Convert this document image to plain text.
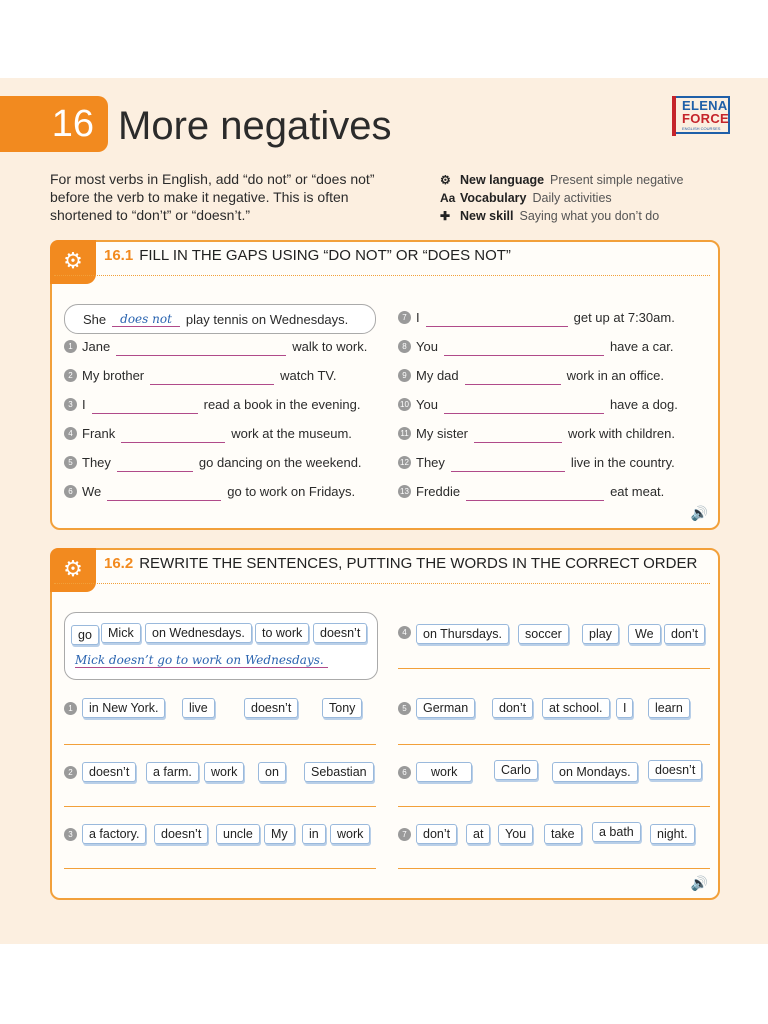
16 More negatives	ELENA
FORCE
ENGLISH COURSES
For most verbs in English, add “do not” or “does not” before the verb to make it negative. This is often shortened to “don’t” or “doesn’t.”
⚙ New language Present simple negative
Aa Vocabulary Daily activities
✚ New skill Saying what you don’t do
⚙	16.1 FILL IN THE GAPS USING “DO NOT” OR “DOES NOT”
She	does not	play tennis on Wednesdays.
1 Jane	walk to work.
2 My brother	watch TV.
3 I	read a book in the evening.
4 Frank	work at the museum.
5 They	go dancing on the weekend.
6 We	go to work on Fridays.
7 I	get up at 7:30am.
8 You	have a car.
9 My dad	work in an office.
10 You	have a dog.
11 My sister	work with children.
12 They	live in the country.
13 Freddie	eat meat.
🔊
⚙	16.2 REWRITE THE SENTENCES, PUTTING THE WORDS IN THE CORRECT ORDER
go	Mick	on Wednesdays.	to work	doesn’t
Mick doesn’t go to work on Wednesdays.
1	in New York.	live	doesn’t	Tony
2	doesn’t	a farm.	work	on	Sebastian
3	a factory.	doesn’t	uncle	My	in	work
4	on Thursdays.	soccer	play	We	don’t
5	German	don’t	at school.	I	learn
6	work	Carlo	on Mondays.	doesn’t
7	don’t	at	You	take	a bath	night.
🔊
